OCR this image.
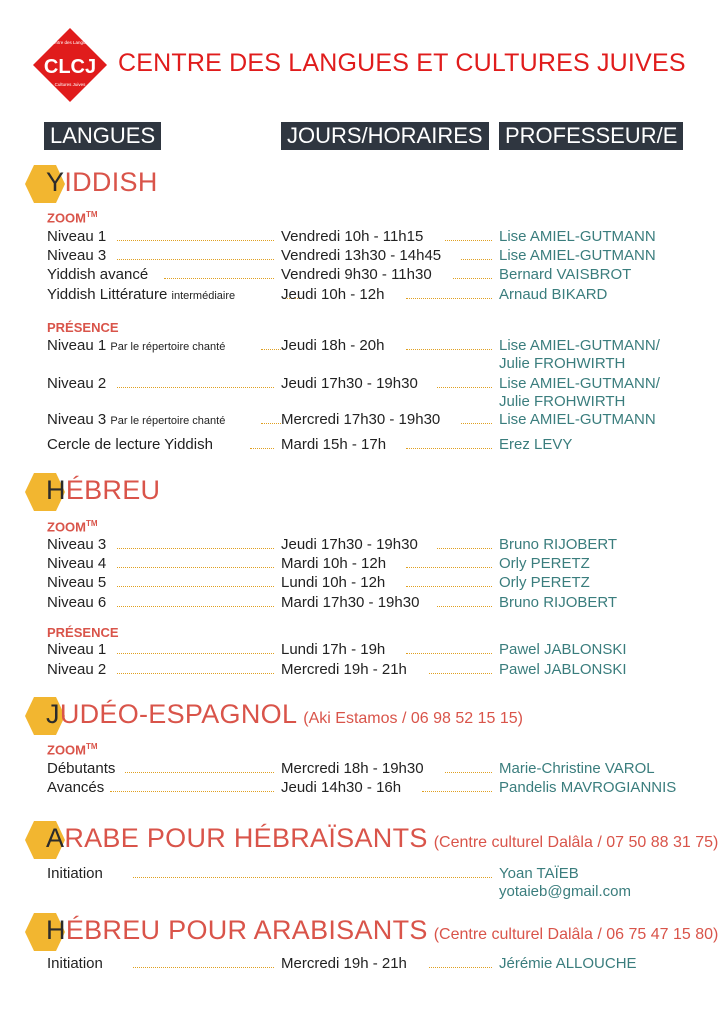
Centre des Langues
CLCJ
Cultures Juives
CENTRE DES LANGUES ET CULTURES JUIVES
LANGUES	JOURS/HORAIRES PROFESSEUR/E
YIDDISH
ZOOM™
Niveau 1	Vendredi 10h - 11h15	Lise AMIEL-GUTMANN
Niveau 3	Vendredi 13h30 - 14h45	Lise AMIEL-GUTMANN
Yiddish avancé	Vendredi 9h30 - 11h30	Bernard VAISBROT
Yiddish Littérature intermédiaire	Jeudi 10h - 12h	Arnaud BIKARD
PRÉSENCE
Niveau 1 Par le répertoire chanté	Jeudi 18h - 20h	Lise AMIEL-GUTMANN/
Julie FROHWIRTH
Niveau 2	Jeudi 17h30 - 19h30	Lise AMIEL-GUTMANN/
Julie FROHWIRTH
Niveau 3 Par le répertoire chanté	Mercredi 17h30 - 19h30	Lise AMIEL-GUTMANN
Cercle de lecture Yiddish	Mardi 15h - 17h	Erez LEVY
HÉBREU
ZOOM™
Niveau 3	Jeudi 17h30 - 19h30	Bruno RIJOBERT
Niveau 4	Mardi 10h - 12h	Orly PERETZ
Niveau 5	Lundi 10h - 12h	Orly PERETZ
Niveau 6	Mardi 17h30 - 19h30	Bruno RIJOBERT
PRÉSENCE
Niveau 1	Lundi 17h - 19h	Pawel JABLONSKI
Niveau 2	Mercredi 19h - 21h	Pawel JABLONSKI
JUDÉO-ESPAGNOL (Aki Estamos / 06 98 52 15 15)
ZOOM™
Débutants	Mercredi 18h - 19h30	Marie-Christine VAROL
Avancés	Jeudi 14h30 - 16h	Pandelis MAVROGIANNIS
ARABE POUR HÉBRAÏSANTS (Centre culturel Dalâla / 07 50 88 31 75)
Initiation	Yoan TAÏEB
yotaieb@gmail.com
HÉBREU POUR ARABISANTS (Centre culturel Dalâla / 06 75 47 15 80)
Initiation	Mercredi 19h - 21h	Jérémie ALLOUCHE
